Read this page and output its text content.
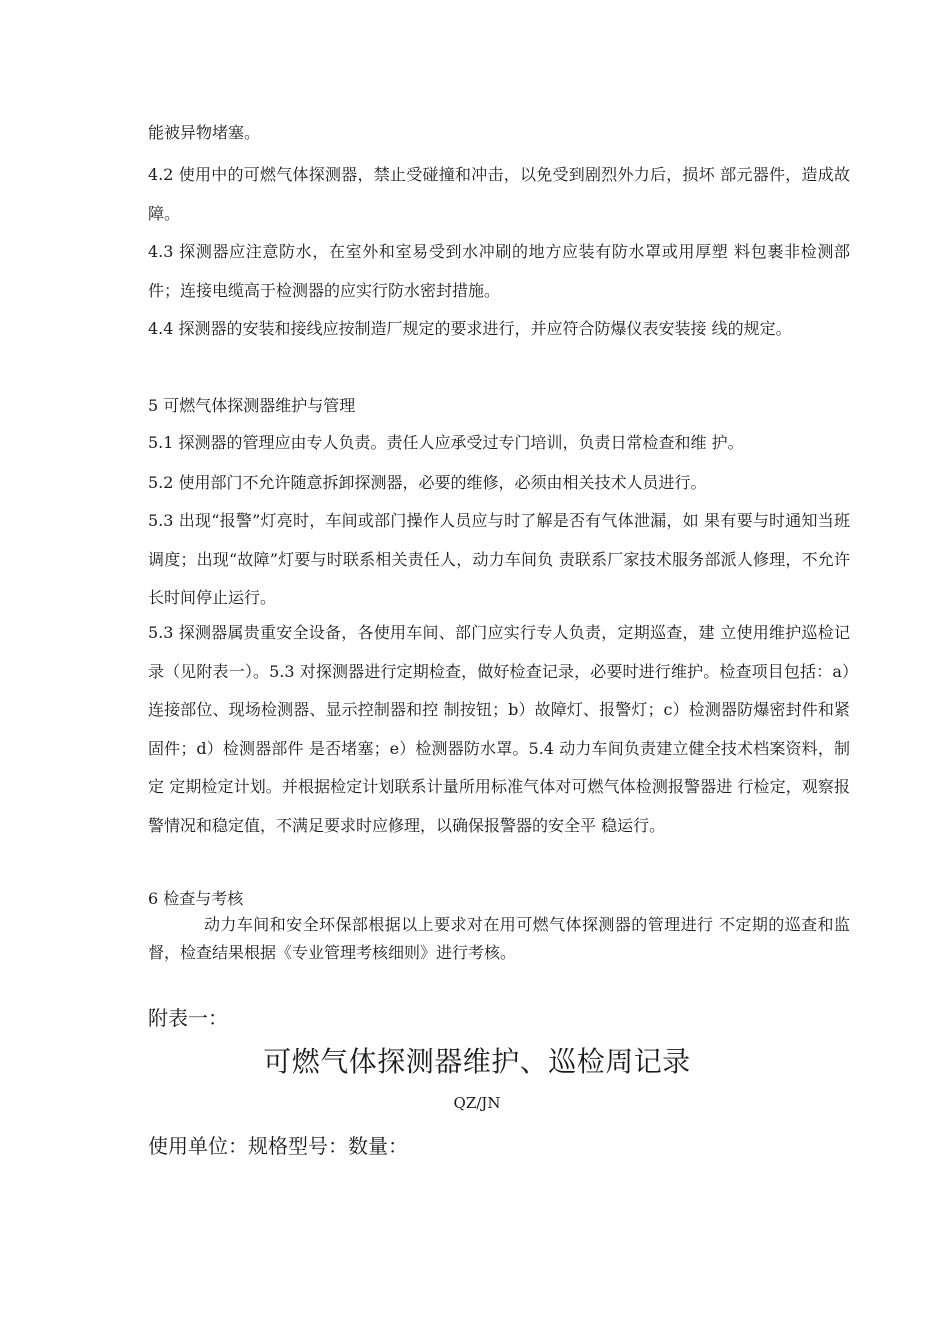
能被异物堵塞。

4.2 使用中的可燃气体探测器，禁止受碰撞和冲击，以免受到剧烈外力后，损坏 部元器件，造成故障。

4.3 探测器应注意防水，在室外和室易受到水冲刷的地方应装有防水罩或用厚塑 料包裹非检测部件；连接电缆高于检测器的应实行防水密封措施。

4.4 探测器的安装和接线应按制造厂规定的要求进行，并应符合防爆仪表安装接 线的规定。

5 可燃气体探测器维护与管理

5.1 探测器的管理应由专人负责。责任人应承受过专门培训，负责日常检查和维 护。

5.2 使用部门不允许随意拆卸探测器，必要的维修，必须由相关技术人员进行。

5.3 出现“报警”灯亮时，车间或部门操作人员应与时了解是否有气体泄漏，如 果有要与时通知当班调度；出现“故障”灯要与时联系相关责任人，动力车间负 责联系厂家技术服务部派人修理，不允许长时间停止运行。

5.3 探测器属贵重安全设备，各使用车间、部门应实行专人负责，定期巡查，建 立使用维护巡检记录（见附表一）。5.3 对探测器进行定期检查，做好检查记录，必要时进行维护。检查项目包括：a）连接部位、现场检测器、显示控制器和控 制按钮；b）故障灯、报警灯；c）检测器防爆密封件和紧固件；d）检测器部件 是否堵塞；e）检测器防水罩。5.4 动力车间负责建立健全技术档案资料，制定 定期检定计划。并根据检定计划联系计量所用标准气体对可燃气体检测报警器进 行检定，观察报警情况和稳定值，不满足要求时应修理，以确保报警器的安全平 稳运行。

6 检查与考核

动力车间和安全环保部根据以上要求对在用可燃气体探测器的管理进行 不定期的巡查和监督，检查结果根据《专业管理考核细则》进行考核。

附表一：

可燃气体探测器维护、巡检周记录

QZ/JN

使用单位：规格型号：数量：
